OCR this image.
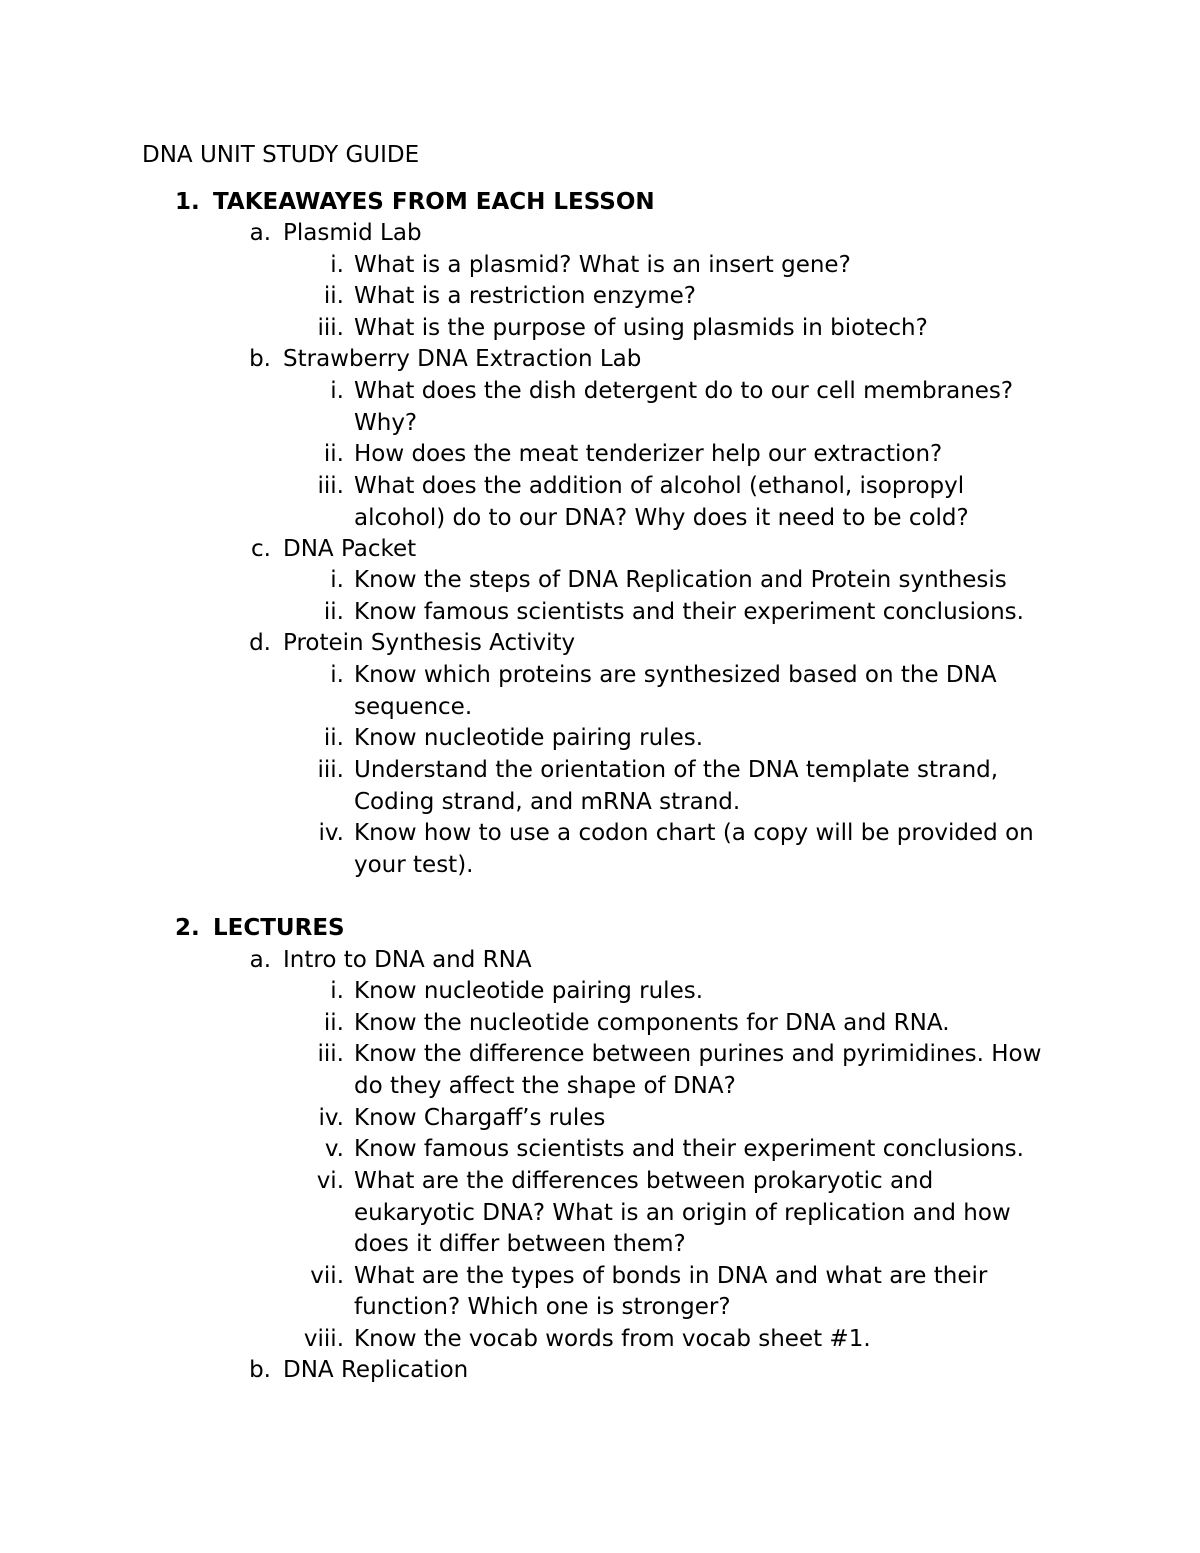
DNA UNIT STUDY GUIDE
1. TAKEAWAYES FROM EACH LESSON
a. Plasmid Lab
i. What is a plasmid? What is an insert gene?
ii. What is a restriction enzyme?
iii. What is the purpose of using plasmids in biotech?
b. Strawberry DNA Extraction Lab
i. What does the dish detergent do to our cell membranes?
Why?
ii. How does the meat tenderizer help our extraction?
iii. What does the addition of alcohol (ethanol, isopropyl
alcohol) do to our DNA? Why does it need to be cold?
c. DNA Packet
i. Know the steps of DNA Replication and Protein synthesis
ii. Know famous scientists and their experiment conclusions.
d. Protein Synthesis Activity
i. Know which proteins are synthesized based on the DNA
sequence.
ii. Know nucleotide pairing rules.
iii. Understand the orientation of the DNA template strand,
Coding strand, and mRNA strand.
iv. Know how to use a codon chart (a copy will be provided on
your test).
2. LECTURES
a. Intro to DNA and RNA
i. Know nucleotide pairing rules.
ii. Know the nucleotide components for DNA and RNA.
iii. Know the difference between purines and pyrimidines. How
do they affect the shape of DNA?
iv. Know Chargaff’s rules
v. Know famous scientists and their experiment conclusions.
vi. What are the differences between prokaryotic and
eukaryotic DNA? What is an origin of replication and how
does it differ between them?
vii. What are the types of bonds in DNA and what are their
function? Which one is stronger?
viii. Know the vocab words from vocab sheet #1.
b. DNA Replication
